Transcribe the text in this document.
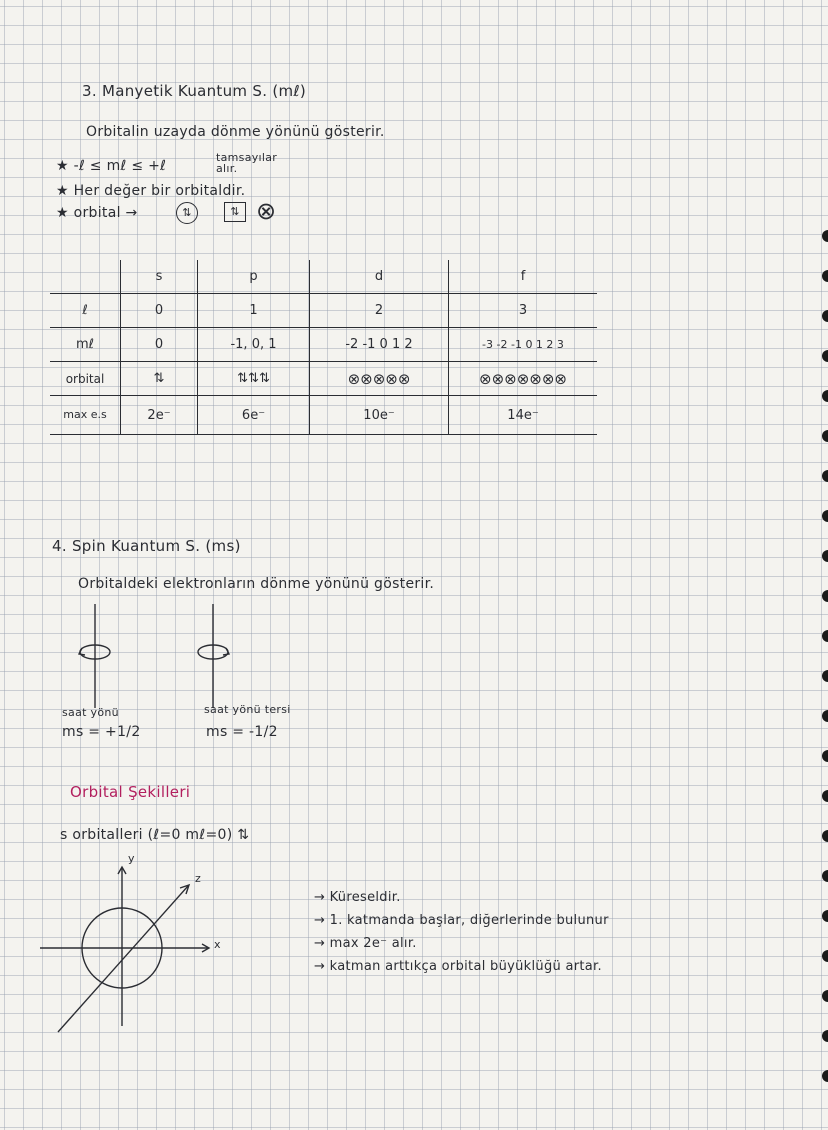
3. Manyetik Kuantum S. (mℓ)
Orbitalin uzayda dönme yönünü gösterir.
★ -ℓ ≤ mℓ ≤ +ℓ
tamsayılar alır.
★ Her değer bir orbitaldir.
★ orbital →	⇅	⇅ ⊗
	s	p	d	f
ℓ	0	1	2	3
mℓ	0	-1, 0, 1	-2 -1 0 1 2	-3 -2 -1 0 1 2 3
orbital	⇅	⇅⇅⇅	⊗⊗⊗⊗⊗	⊗⊗⊗⊗⊗⊗⊗
max e.s	2e⁻	6e⁻	10e⁻	14e⁻
4. Spin Kuantum S. (ms)
Orbitaldeki elektronların dönme yönünü gösterir.
saat yönü
ms = +1/2
saat yönü tersi
ms = -1/2
Orbital Şekilleri
s orbitalleri (ℓ=0 mℓ=0) ⇅
x
y
z
→ Küreseldir.
→ 1. katmanda başlar, diğerlerinde bulunur
→ max 2e⁻ alır.
→ katman arttıkça orbital büyüklüğü artar.
